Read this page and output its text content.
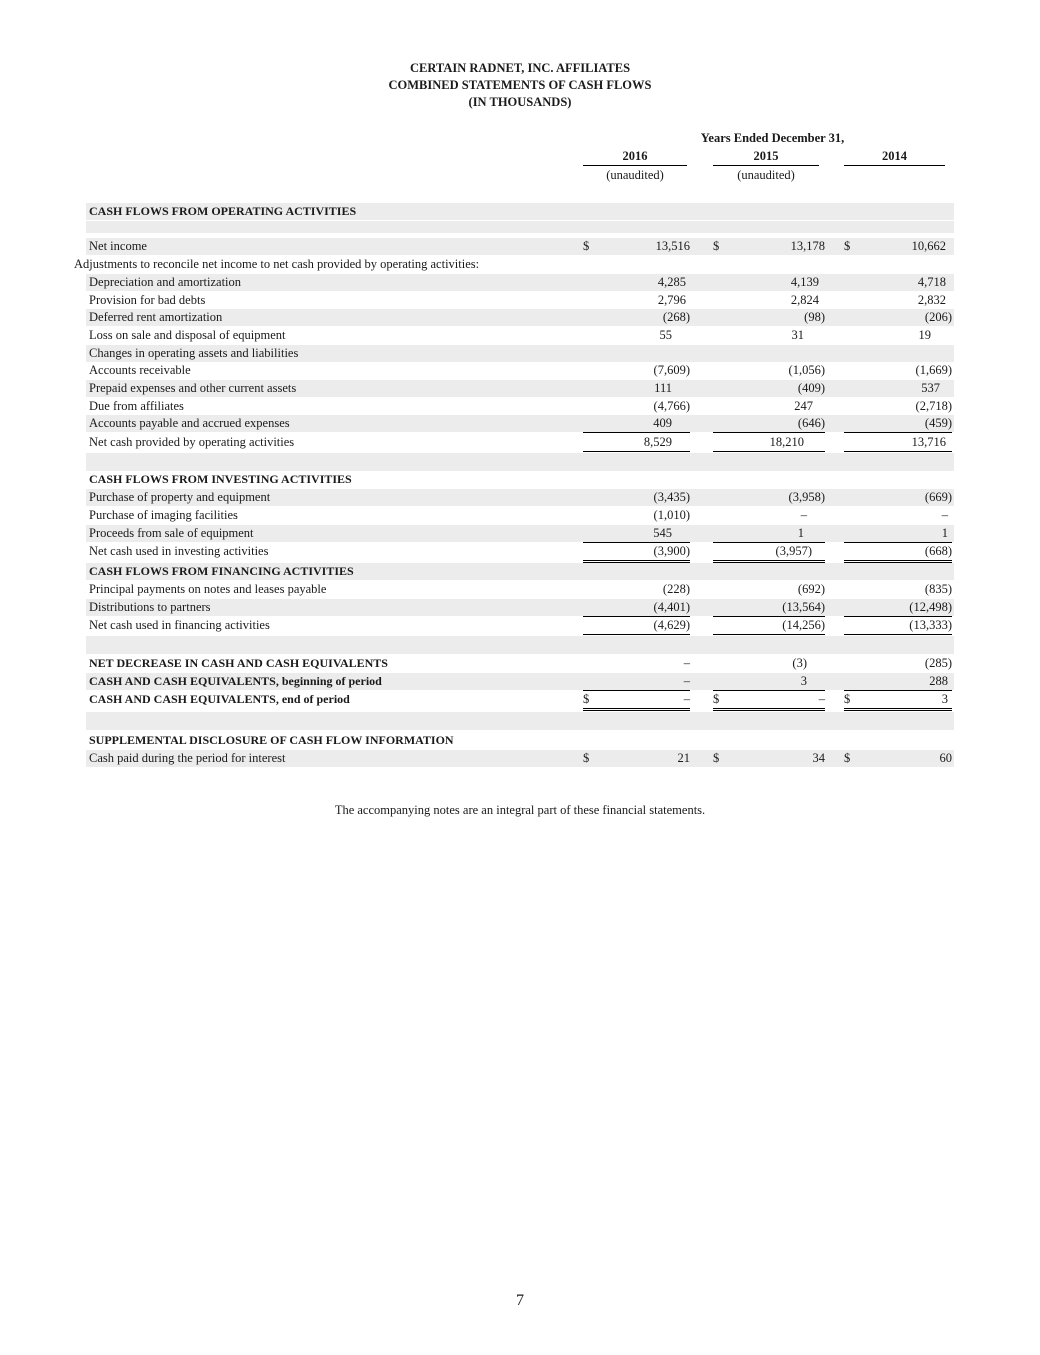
CERTAIN RADNET, INC. AFFILIATES
COMBINED STATEMENTS OF CASH FLOWS
(IN THOUSANDS)
Years Ended December 31,
2016	2015	2014
(unaudited)	(unaudited)
CASH FLOWS FROM OPERATING ACTIVITIES
Net income	$	13,516 $	13,178 $	10,662
Adjustments to reconcile net income to net cash provided by operating activities:
Depreciation and amortization	4,285	4,139	4,718
Provision for bad debts	2,796	2,824	2,832
Deferred rent amortization	(268)	(98)	(206)
Loss on sale and disposal of equipment	55	31	19
Changes in operating assets and liabilities
Accounts receivable	(7,609)	(1,056)	(1,669)
Prepaid expenses and other current assets	111	(409)	537
Due from affiliates	(4,766)	247	(2,718)
Accounts payable and accrued expenses	409	(646)	(459)
Net cash provided by operating activities	8,529	18,210	13,716
CASH FLOWS FROM INVESTING ACTIVITIES
Purchase of property and equipment	(3,435)	(3,958)	(669)
Purchase of imaging facilities	(1,010)	–	–
Proceeds from sale of equipment	545	1	1
Net cash used in investing activities	(3,900)	(3,957)	(668)
CASH FLOWS FROM FINANCING ACTIVITIES
Principal payments on notes and leases payable	(228)	(692)	(835)
Distributions to partners	(4,401)	(13,564)	(12,498)
Net cash used in financing activities	(4,629)	(14,256)	(13,333)
NET DECREASE IN CASH AND CASH EQUIVALENTS	–	(3)	(285)
CASH AND CASH EQUIVALENTS, beginning of period	–	3	288
CASH AND CASH EQUIVALENTS, end of period	$	– $	– $	3
SUPPLEMENTAL DISCLOSURE OF CASH FLOW INFORMATION
Cash paid during the period for interest	$	21 $	34 $	60
The accompanying notes are an integral part of these financial statements.
7
